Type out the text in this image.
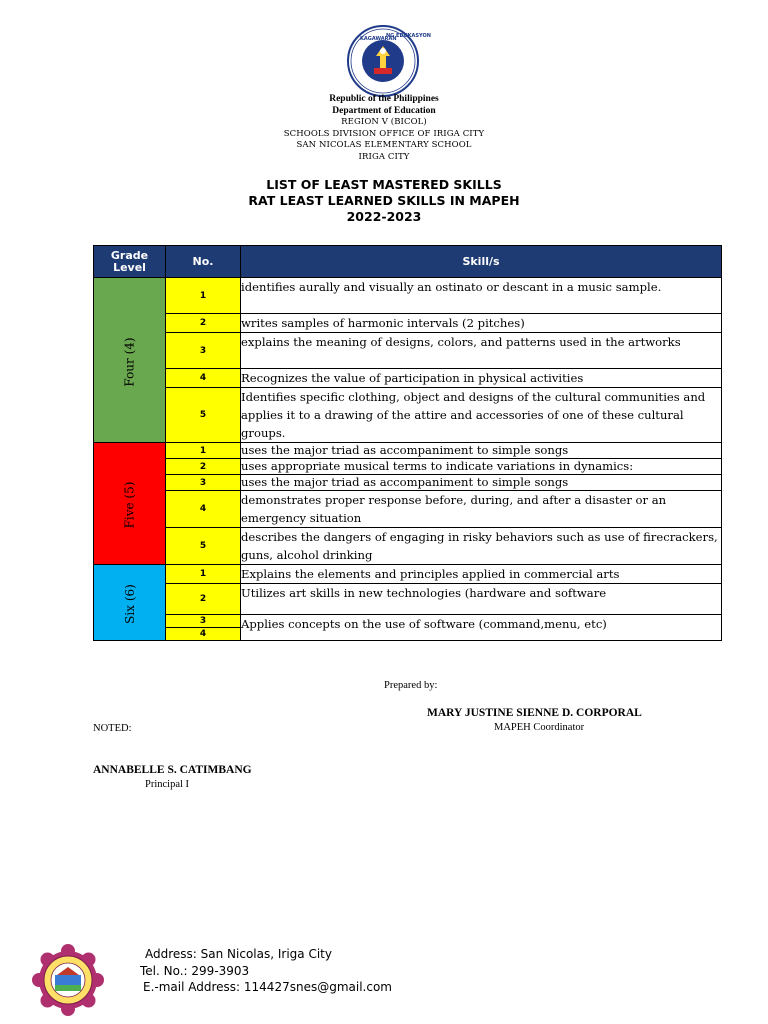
KAGAWARAN
NG EDUKASYON
Republic of the Philippines
Department of Education
REGION V (BICOL)
SCHOOLS DIVISION OFFICE OF IRIGA CITY
SAN NICOLAS ELEMENTARY SCHOOL
IRIGA CITY
LIST OF LEAST MASTERED SKILLS
RAT LEAST LEARNED SKILLS IN MAPEH
2022-2023
Grade Level	No.	Skill/s
Four (4)	1	identifies aurally and visually an ostinato or descant in a music sample.
	2	writes samples of harmonic intervals (2 pitches)
	3	explains the meaning of designs, colors, and patterns used in the artworks
	4	Recognizes the value of participation in physical activities
	5	Identifies specific clothing, object and designs of the cultural communities and applies it to a drawing of the attire and accessories of one of these cultural groups.
Five (5)	1	uses the major triad as accompaniment to simple songs
	2	uses appropriate musical terms to indicate variations in dynamics:
	3	uses the major triad as accompaniment to simple songs
	4	demonstrates proper response before, during, and after a disaster or an emergency situation
	5	describes the dangers of engaging in risky behaviors such as use of firecrackers, guns, alcohol drinking
Six (6)	1	Explains the elements and principles applied in commercial arts
	2	Utilizes art skills in new technologies (hardware and software
	3	Applies concepts on the use of software (command,menu, etc)
	4	
Prepared by:
MARY JUSTINE SIENNE D. CORPORAL
MAPEH Coordinator
NOTED:
ANNABELLE S. CATIMBANG
Principal I
Address: San Nicolas, Iriga City
Tel. No.: 299-3903
E.-mail Address: 114427snes@gmail.com
